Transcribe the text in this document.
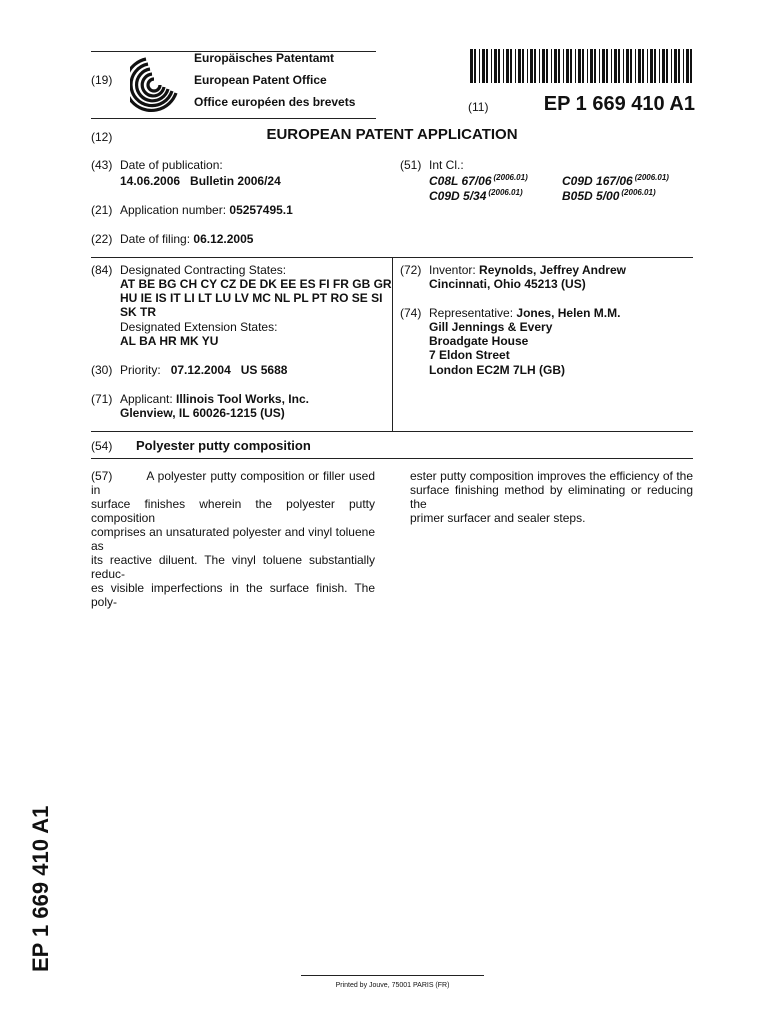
(19)
Europäisches Patentamt
European Patent Office
Office européen des brevets	(11)	EP 1 669 410 A1
(12)	EUROPEAN PATENT APPLICATION
(43) Date of publication:
14.06.2006   Bulletin 2006/24
(51) Int Cl.:
C08L 67/06 $^{(2006.01)}$	C09D 167/06 $^{(2006.01)}$
C09D 5/34 $^{(2006.01)}$	B05D 5/00 $^{(2006.01)}$
(21) Application number: 05257495.1
(22) Date of filing: 06.12.2005
(84) Designated Contracting States:
AT BE BG CH CY CZ DE DK EE ES FI FR GB GR
HU IE IS IT LI LT LU LV MC NL PL PT RO SE SI
SK TR
Designated Extension States:
AL BA HR MK YU
(30) Priority: 07.12.2004   US 5688
(71) Applicant: Illinois Tool Works, Inc.
Glenview, IL 60026-1215 (US)
(72) Inventor: Reynolds, Jeffrey Andrew
Cincinnati, Ohio 45213 (US)
(74) Representative: Jones, Helen M.M.
Gill Jennings & Every
Broadgate House
7 Eldon Street
London EC2M 7LH (GB)
(54) Polyester putty composition
(57)	A polyester putty composition or filler used in
surface finishes wherein the polyester putty composition
comprises an unsaturated polyester and vinyl toluene as
its reactive diluent. The vinyl toluene substantially reduc-
es visible imperfections in the surface finish. The poly-
ester putty composition improves the efficiency of the
surface finishing method by eliminating or reducing the
primer surfacer and sealer steps.
EP 1 669 410 A1
Printed by Jouve, 75001 PARIS (FR)
